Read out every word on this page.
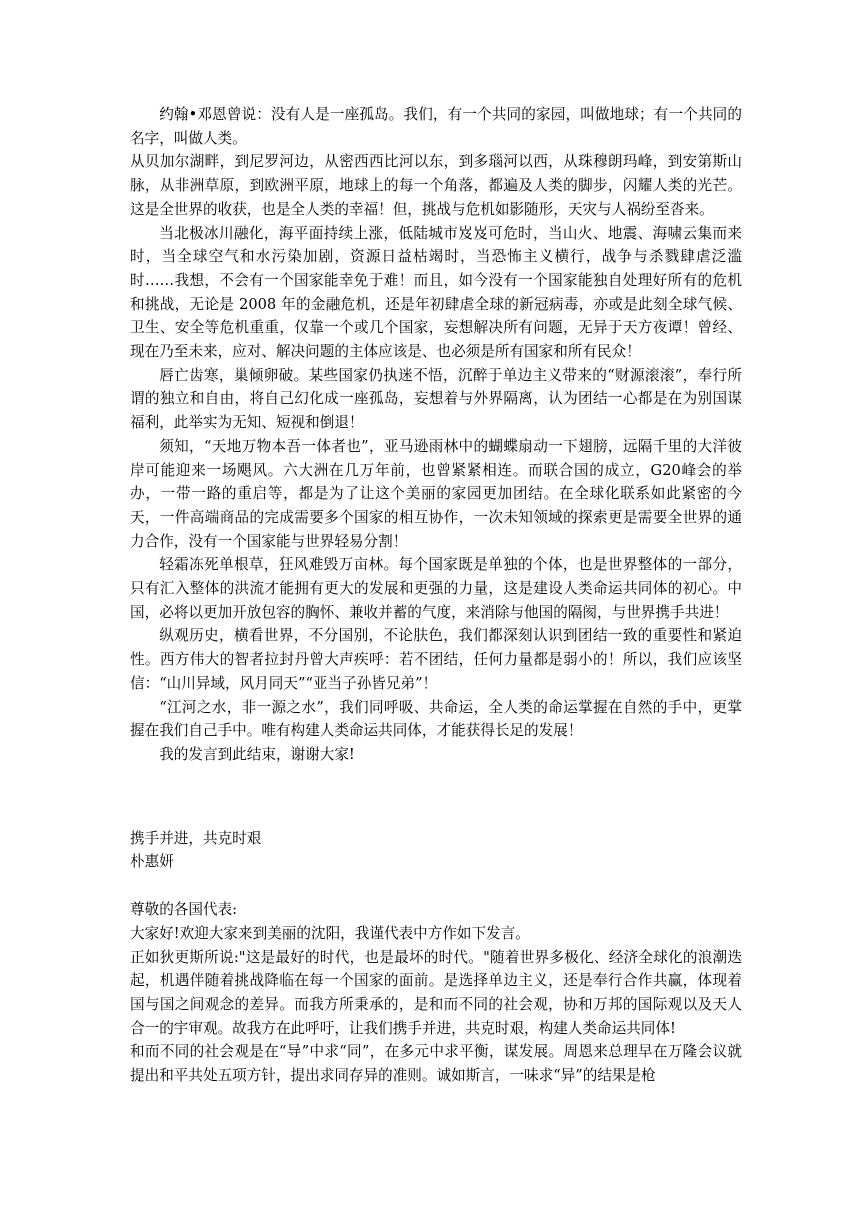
约翰•邓恩曾说：没有人是一座孤岛。我们，有一个共同的家园，叫做地球；有一个共同的名字，叫做人类。

从贝加尔湖畔，到尼罗河边，从密西西比河以东，到多瑙河以西，从珠穆朗玛峰，到安第斯山脉，从非洲草原，到欧洲平原，地球上的每一个角落，都遍及人类的脚步，闪耀人类的光芒。这是全世界的收获，也是全人类的幸福！但，挑战与危机如影随形，天灾与人祸纷至沓来。

当北极冰川融化，海平面持续上涨，低陆城市岌岌可危时，当山火、地震、海啸云集而来时，当全球空气和水污染加剧，资源日益枯竭时，当恐怖主义横行，战争与杀戮肆虐泛滥时……我想，不会有一个国家能幸免于难！而且，如今没有一个国家能独自处理好所有的危机和挑战，无论是 2008 年的金融危机，还是年初肆虐全球的新冠病毒，亦或是此刻全球气候、卫生、安全等危机重重，仅靠一个或几个国家，妄想解决所有问题，无异于天方夜谭！曾经、现在乃至未来，应对、解决问题的主体应该是、也必须是所有国家和所有民众！

唇亡齿寒，巢倾卵破。某些国家仍执迷不悟，沉醉于单边主义带来的“财源滚滚”，奉行所谓的独立和自由，将自己幻化成一座孤岛，妄想着与外界隔离，认为团结一心都是在为别国谋福利，此举实为无知、短视和倒退！

须知，“天地万物本吾一体者也”，亚马逊雨林中的蝴蝶扇动一下翅膀，远隔千里的大洋彼岸可能迎来一场飓风。六大洲在几万年前，也曾紧紧相连。而联合国的成立，G20峰会的举办，一带一路的重启等，都是为了让这个美丽的家园更加团结。在全球化联系如此紧密的今天，一件高端商品的完成需要多个国家的相互协作，一次未知领域的探索更是需要全世界的通力合作，没有一个国家能与世界轻易分割！

轻霜冻死单根草，狂风难毁万亩林。每个国家既是单独的个体，也是世界整体的一部分，只有汇入整体的洪流才能拥有更大的发展和更强的力量，这是建设人类命运共同体的初心。中国，必将以更加开放包容的胸怀、兼收并蓄的气度，来消除与他国的隔阂，与世界携手共进！

纵观历史，横看世界，不分国别，不论肤色，我们都深刻认识到团结一致的重要性和紧迫性。西方伟大的智者拉封丹曾大声疾呼：若不团结，任何力量都是弱小的！所以，我们应该坚信：“山川异域，风月同天”“亚当子孙皆兄弟”！

“江河之水，非一源之水”，我们同呼吸、共命运，全人类的命运掌握在自然的手中，更掌握在我们自己手中。唯有构建人类命运共同体，才能获得长足的发展！

我的发言到此结束，谢谢大家!

携手并进，共克时艰

朴惠妍

尊敬的各国代表:

大家好!欢迎大家来到美丽的沈阳，我谨代表中方作如下发言。

正如狄更斯所说:"这是最好的时代，也是最坏的时代。"随着世界多极化、经济全球化的浪潮迭起，机遇伴随着挑战降临在每一个国家的面前。是选择单边主义，还是奉行合作共赢，体现着国与国之间观念的差异。而我方所秉承的，是和而不同的社会观，协和万邦的国际观以及天人合一的宇审观。故我方在此呼吁，让我们携手并进，共克时艰，构建人类命运共同体!

和而不同的社会观是在“导”中求“同”，在多元中求平衡，谋发展。周恩来总理早在万隆会议就提出和平共处五项方针，提出求同存异的准则。诚如斯言，一味求“异”的结果是枪
